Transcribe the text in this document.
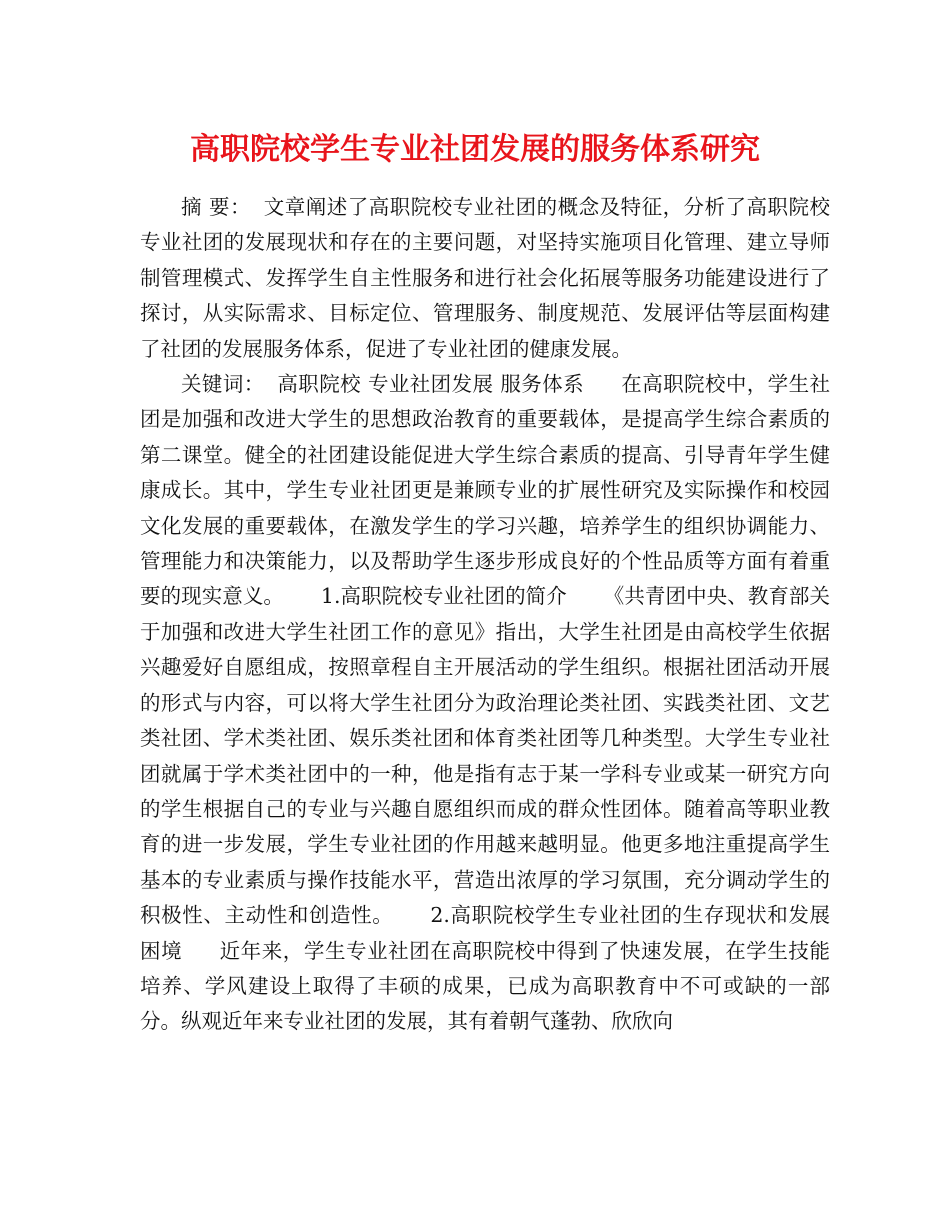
高职院校学生专业社团发展的服务体系研究

摘 要： 文章阐述了高职院校专业社团的概念及特征，分析了高职院校专业社团的发展现状和存在的主要问题，对坚持实施项目化管理、建立导师制管理模式、发挥学生自主性服务和进行社会化拓展等服务功能建设进行了探讨，从实际需求、目标定位、管理服务、制度规范、发展评估等层面构建了社团的发展服务体系，促进了专业社团的健康发展。

关键词： 高职院校 专业社团发展 服务体系 在高职院校中，学生社团是加强和改进大学生的思想政治教育的重要载体，是提高学生综合素质的第二课堂。健全的社团建设能促进大学生综合素质的提高、引导青年学生健康成长。其中，学生专业社团更是兼顾专业的扩展性研究及实际操作和校园文化发展的重要载体，在激发学生的学习兴趣，培养学生的组织协调能力、管理能力和决策能力，以及帮助学生逐步形成良好的个性品质等方面有着重要的现实意义。 1.高职院校专业社团的简介 《共青团中央、教育部关于加强和改进大学生社团工作的意见》指出，大学生社团是由高校学生依据兴趣爱好自愿组成，按照章程自主开展活动的学生组织。根据社团活动开展的形式与内容，可以将大学生社团分为政治理论类社团、实践类社团、文艺类社团、学术类社团、娱乐类社团和体育类社团等几种类型。大学生专业社团就属于学术类社团中的一种，他是指有志于某一学科专业或某一研究方向的学生根据自己的专业与兴趣自愿组织而成的群众性团体。随着高等职业教育的进一步发展，学生专业社团的作用越来越明显。他更多地注重提高学生基本的专业素质与操作技能水平，营造出浓厚的学习氛围，充分调动学生的积极性、主动性和创造性。 2.高职院校学生专业社团的生存现状和发展困境 近年来，学生专业社团在高职院校中得到了快速发展，在学生技能培养、学风建设上取得了丰硕的成果，已成为高职教育中不可或缺的一部分。纵观近年来专业社团的发展，其有着朝气蓬勃、欣欣向
